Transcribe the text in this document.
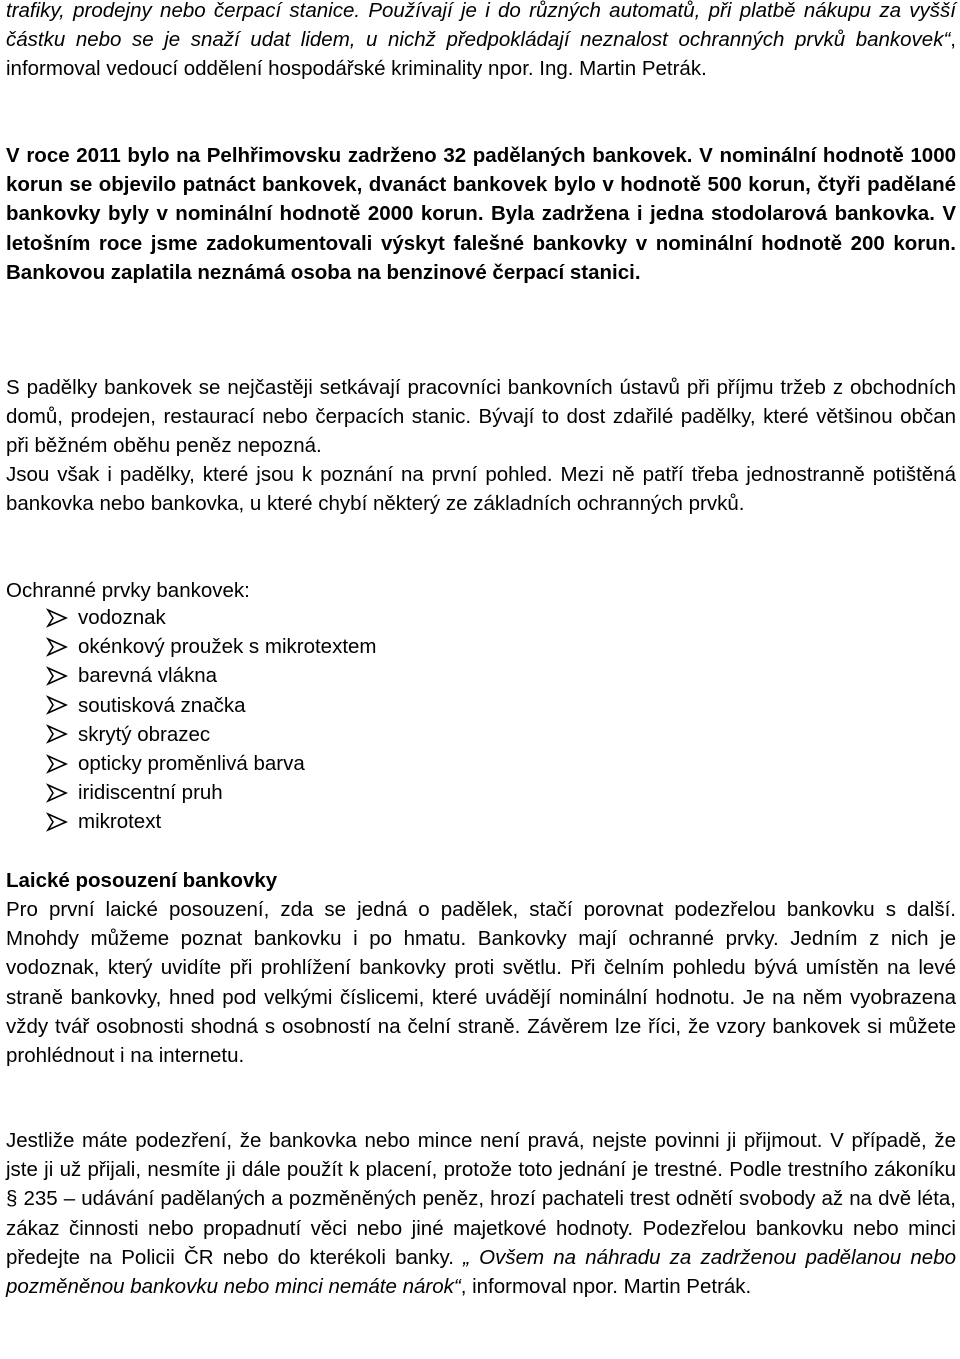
trafiky, prodejny nebo čerpací stanice. Používají je i do různých automatů, při platbě nákupu za vyšší částku nebo se je snaží udat lidem, u nichž předpokládají neznalost ochranných prvků bankovek“, informoval vedoucí oddělení hospodářské kriminality npor. Ing. Martin Petrák.

V roce 2011 bylo na Pelhřimovsku zadrženo 32 padělaných bankovek. V nominální hodnotě 1000 korun se objevilo patnáct bankovek, dvanáct bankovek bylo v hodnotě 500 korun, čtyři padělané bankovky byly v nominální hodnotě 2000 korun. Byla zadržena i jedna stodolarová bankovka. V letošním roce jsme zadokumentovali výskyt falešné bankovky v nominální hodnotě 200 korun. Bankovou zaplatila neznámá osoba na benzinové čerpací stanici.

S padělky bankovek se nejčastěji setkávají pracovníci bankovních ústavů při příjmu tržeb z obchodních domů, prodejen, restaurací nebo čerpacích stanic. Bývají to dost zdařilé padělky, které většinou občan při běžném oběhu peněz nepozná.

Jsou však i padělky, které jsou k poznání na první pohled. Mezi ně patří třeba jednostranně potištěná bankovka nebo bankovka, u které chybí některý ze základních ochranných prvků.

Ochranné prvky bankovek:

vodoznak
okénkový proužek s mikrotextem
barevná vlákna
soutisková značka
skrytý obrazec
opticky proměnlivá barva
iridiscentní pruh
mikrotext

Laické posouzení bankovky

Pro první laické posouzení, zda se jedná o padělek, stačí porovnat podezřelou bankovku s další. Mnohdy můžeme poznat bankovku i po hmatu. Bankovky mají ochranné prvky. Jedním z nich je vodoznak, který uvidíte při prohlížení bankovky proti světlu. Při čelním pohledu bývá umístěn na levé straně bankovky, hned pod velkými číslicemi, které uvádějí nominální hodnotu. Je na něm vyobrazena vždy tvář osobnosti shodná s osobností na čelní straně. Závěrem lze říci, že vzory bankovek si můžete prohlédnout i na internetu.

Jestliže máte podezření, že bankovka nebo mince není pravá, nejste povinni ji přijmout. V případě, že jste ji už přijali, nesmíte ji dále použít k placení, protože toto jednání je trestné. Podle trestního zákoníku § 235 – udávání padělaných a pozměněných peněz, hrozí pachateli trest odnětí svobody až na dvě léta, zákaz činnosti nebo propadnutí věci nebo jiné majetkové hodnoty. Podezřelou bankovku nebo minci předejte na Policii ČR nebo do kterékoli banky. „ Ovšem na náhradu za zadrženou padělanou nebo pozměněnou bankovku nebo minci nemáte nárok“, informoval npor. Martin Petrák.
